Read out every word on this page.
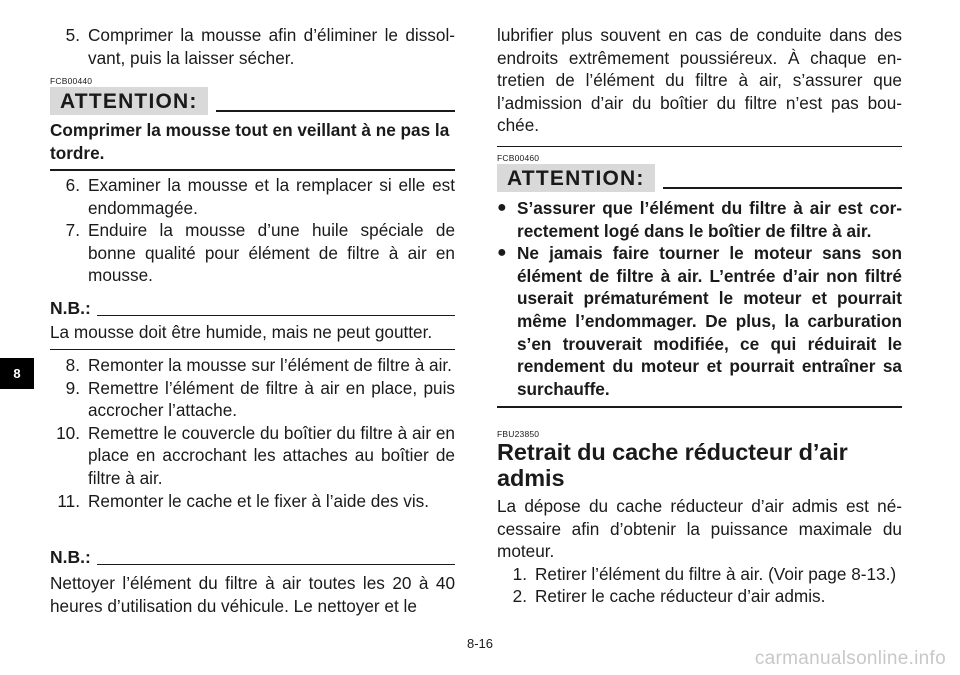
5. Comprimer la mousse afin d’éliminer le dissol-vant, puis la laisser sécher.
FCB00440
ATTENTION:
Comprimer la mousse tout en veillant à ne pas la tordre.
6. Examiner la mousse et la remplacer si elle est endommagée.
7. Enduire la mousse d’une huile spéciale de bonne qualité pour élément de filtre à air en mousse.
N.B.:
La mousse doit être humide, mais ne peut goutter.
8. Remonter la mousse sur l’élément de filtre à air.
9. Remettre l’élément de filtre à air en place, puis accrocher l’attache.
10. Remettre le couvercle du boîtier du filtre à air en place en accrochant les attaches au boîtier de filtre à air.
11. Remonter le cache et le fixer à l’aide des vis.
N.B.:
Nettoyer l’élément du filtre à air toutes les 20 à 40 heures d’utilisation du véhicule. Le nettoyer et le
lubrifier plus souvent en cas de conduite dans des endroits extrêmement poussiéreux. À chaque en-tretien de l’élément du filtre à air, s’assurer que l’admission d’air du boîtier du filtre n’est pas bou-chée.
FCB00460
ATTENTION:
● S’assurer que l’élément du filtre à air est cor-rectement logé dans le boîtier de filtre à air.
● Ne jamais faire tourner le moteur sans son élément de filtre à air. L’entrée d’air non filtré userait prématurément le moteur et pourrait même l’endommager. De plus, la carburation s’en trouverait modifiée, ce qui réduirait le rendement du moteur et pourrait entraîner sa surchauffe.
FBU23850
Retrait du cache réducteur d’air admis
La dépose du cache réducteur d’air admis est né-cessaire afin d’obtenir la puissance maximale du moteur.
1. Retirer l’élément du filtre à air. (Voir page 8-13.)
2. Retirer le cache réducteur d’air admis.
8
8-16
carmanualsonline.info
